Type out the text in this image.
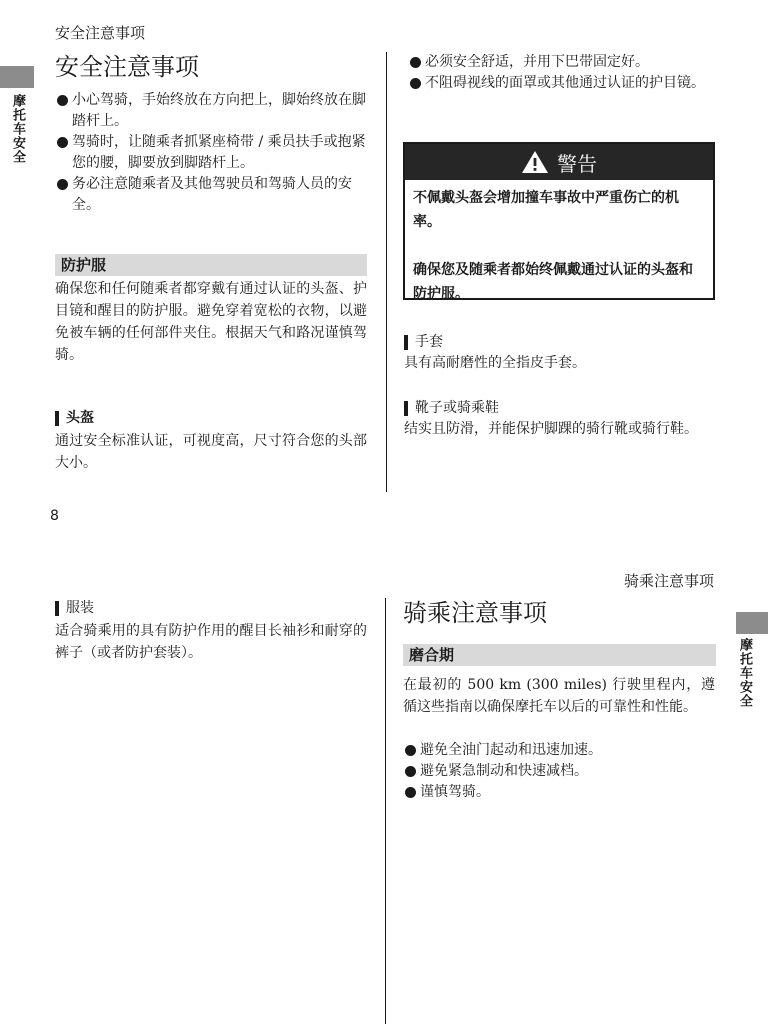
安全注意事项
摩托车安全
安全注意事项
小心驾骑，手始终放在方向把上，脚始终放在脚踏杆上。
驾骑时，让随乘者抓紧座椅带 / 乘员扶手或抱紧您的腰，脚要放到脚踏杆上。
务必注意随乘者及其他驾驶员和驾骑人员的安全。
防护服
确保您和任何随乘者都穿戴有通过认证的头盔、护目镜和醒目的防护服。避免穿着宽松的衣物，以避免被车辆的任何部件夹住。根据天气和路况谨慎驾骑。
头盔
通过安全标准认证，可视度高，尺寸符合您的头部大小。
必须安全舒适，并用下巴带固定好。
不阻碍视线的面罩或其他通过认证的护目镜。
警告

不佩戴头盔会增加撞车事故中严重伤亡的机率。

确保您及随乘者都始终佩戴通过认证的头盔和防护服。

手套
具有高耐磨性的全指皮手套。
靴子或骑乘鞋
结实且防滑，并能保护脚踝的骑行靴或骑行鞋。
8
骑乘注意事项
摩托车安全
服装
适合骑乘用的具有防护作用的醒目长袖衫和耐穿的裤子（或者防护套装）。
骑乘注意事项
磨合期
在最初的 500 km (300 miles) 行驶里程内，遵循这些指南以确保摩托车以后的可靠性和性能。
避免全油门起动和迅速加速。
避免紧急制动和快速减档。
谨慎驾骑。
